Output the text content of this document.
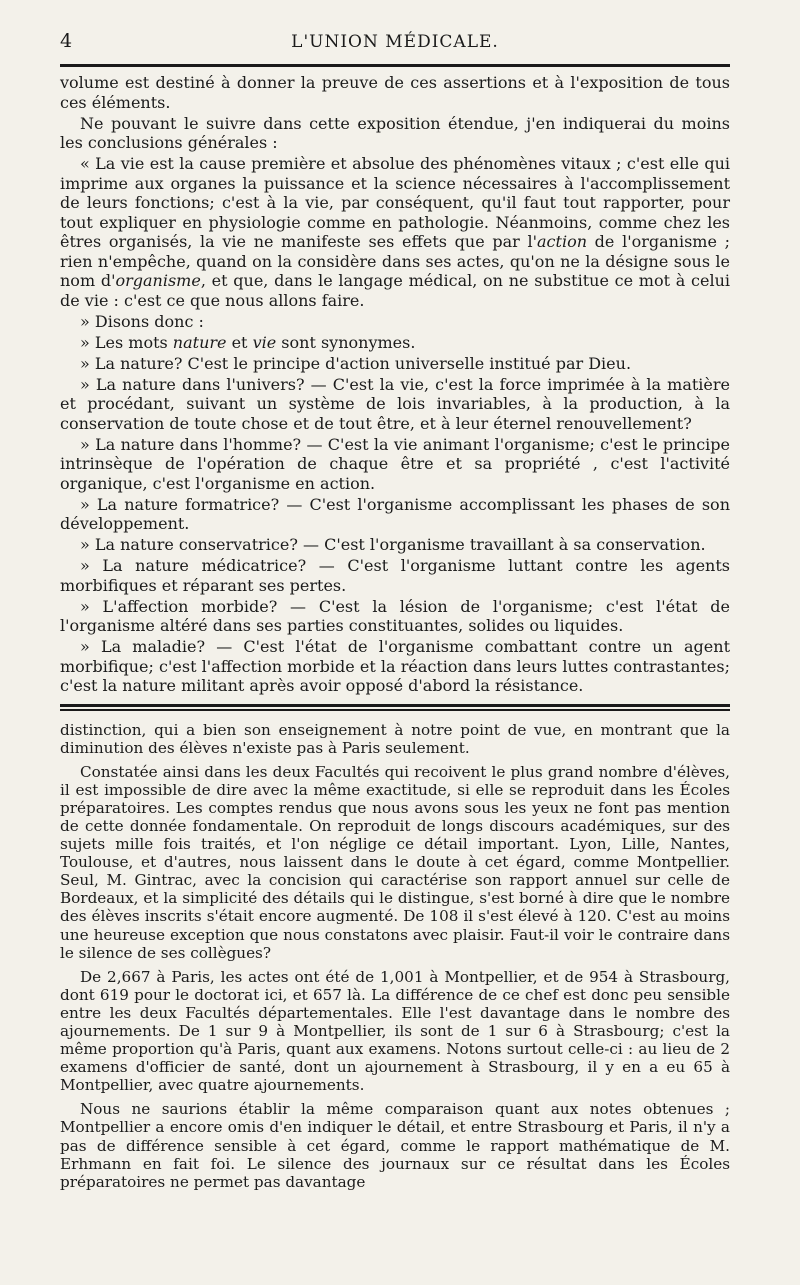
4	L'UNION MÉDICALE.

volume est destiné à donner la preuve de ces assertions et à l'exposition de tous ces éléments.

Ne pouvant le suivre dans cette exposition étendue, j'en indiquerai du moins les conclusions générales :

« La vie est la cause première et absolue des phénomènes vitaux ; c'est elle qui imprime aux organes la puissance et la science nécessaires à l'accomplissement de leurs fonctions; c'est à la vie, par conséquent, qu'il faut tout rapporter, pour tout expliquer en physiologie comme en pathologie. Néanmoins, comme chez les êtres organisés, la vie ne manifeste ses effets que par l'action de l'organisme ; rien n'empêche, quand on la considère dans ses actes, qu'on ne la désigne sous le nom d'organisme, et que, dans le langage médical, on ne substitue ce mot à celui de vie : c'est ce que nous allons faire.

» Disons donc :

» Les mots nature et vie sont synonymes.

» La nature? C'est le principe d'action universelle institué par Dieu.

» La nature dans l'univers? — C'est la vie, c'est la force imprimée à la matière et procédant, suivant un système de lois invariables, à la production, à la conservation de toute chose et de tout être, et à leur éternel renouvellement?

» La nature dans l'homme? — C'est la vie animant l'organisme; c'est le principe intrinsèque de l'opération de chaque être et sa propriété , c'est l'activité organique, c'est l'organisme en action.

» La nature formatrice? — C'est l'organisme accomplissant les phases de son développement.

» La nature conservatrice? — C'est l'organisme travaillant à sa conservation.

» La nature médicatrice? — C'est l'organisme luttant contre les agents morbifiques et réparant ses pertes.

» L'affection morbide? — C'est la lésion de l'organisme; c'est l'état de l'organisme altéré dans ses parties constituantes, solides ou liquides.

» La maladie? — C'est l'état de l'organisme combattant contre un agent morbifique; c'est l'affection morbide et la réaction dans leurs luttes contrastantes; c'est la nature militant après avoir opposé d'abord la résistance.

distinction, qui a bien son enseignement à notre point de vue, en montrant que la diminution des élèves n'existe pas à Paris seulement.

Constatée ainsi dans les deux Facultés qui recoivent le plus grand nombre d'élèves, il est impossible de dire avec la même exactitude, si elle se reproduit dans les Écoles préparatoires. Les comptes rendus que nous avons sous les yeux ne font pas mention de cette donnée fondamentale. On reproduit de longs discours académiques, sur des sujets mille fois traités, et l'on néglige ce détail important. Lyon, Lille, Nantes, Toulouse, et d'autres, nous laissent dans le doute à cet égard, comme Montpellier. Seul, M. Gintrac, avec la concision qui caractérise son rapport annuel sur celle de Bordeaux, et la simplicité des détails qui le distingue, s'est borné à dire que le nombre des élèves inscrits s'était encore augmenté. De 108 il s'est élevé à 120. C'est au moins une heureuse exception que nous constatons avec plaisir. Faut-il voir le contraire dans le silence de ses collègues?

De 2,667 à Paris, les actes ont été de 1,001 à Montpellier, et de 954 à Strasbourg, dont 619 pour le doctorat ici, et 657 là. La différence de ce chef est donc peu sensible entre les deux Facultés départementales. Elle l'est davantage dans le nombre des ajournements. De 1 sur 9 à Montpellier, ils sont de 1 sur 6 à Strasbourg; c'est la même proportion qu'à Paris, quant aux examens. Notons surtout celle-ci : au lieu de 2 examens d'officier de santé, dont un ajournement à Strasbourg, il y en a eu 65 à Montpellier, avec quatre ajournements.

Nous ne saurions établir la même comparaison quant aux notes obtenues ; Montpellier a encore omis d'en indiquer le détail, et entre Strasbourg et Paris, il n'y a pas de différence sensible à cet égard, comme le rapport mathématique de M. Erhmann en fait foi. Le silence des journaux sur ce résultat dans les Écoles préparatoires ne permet pas davantage
